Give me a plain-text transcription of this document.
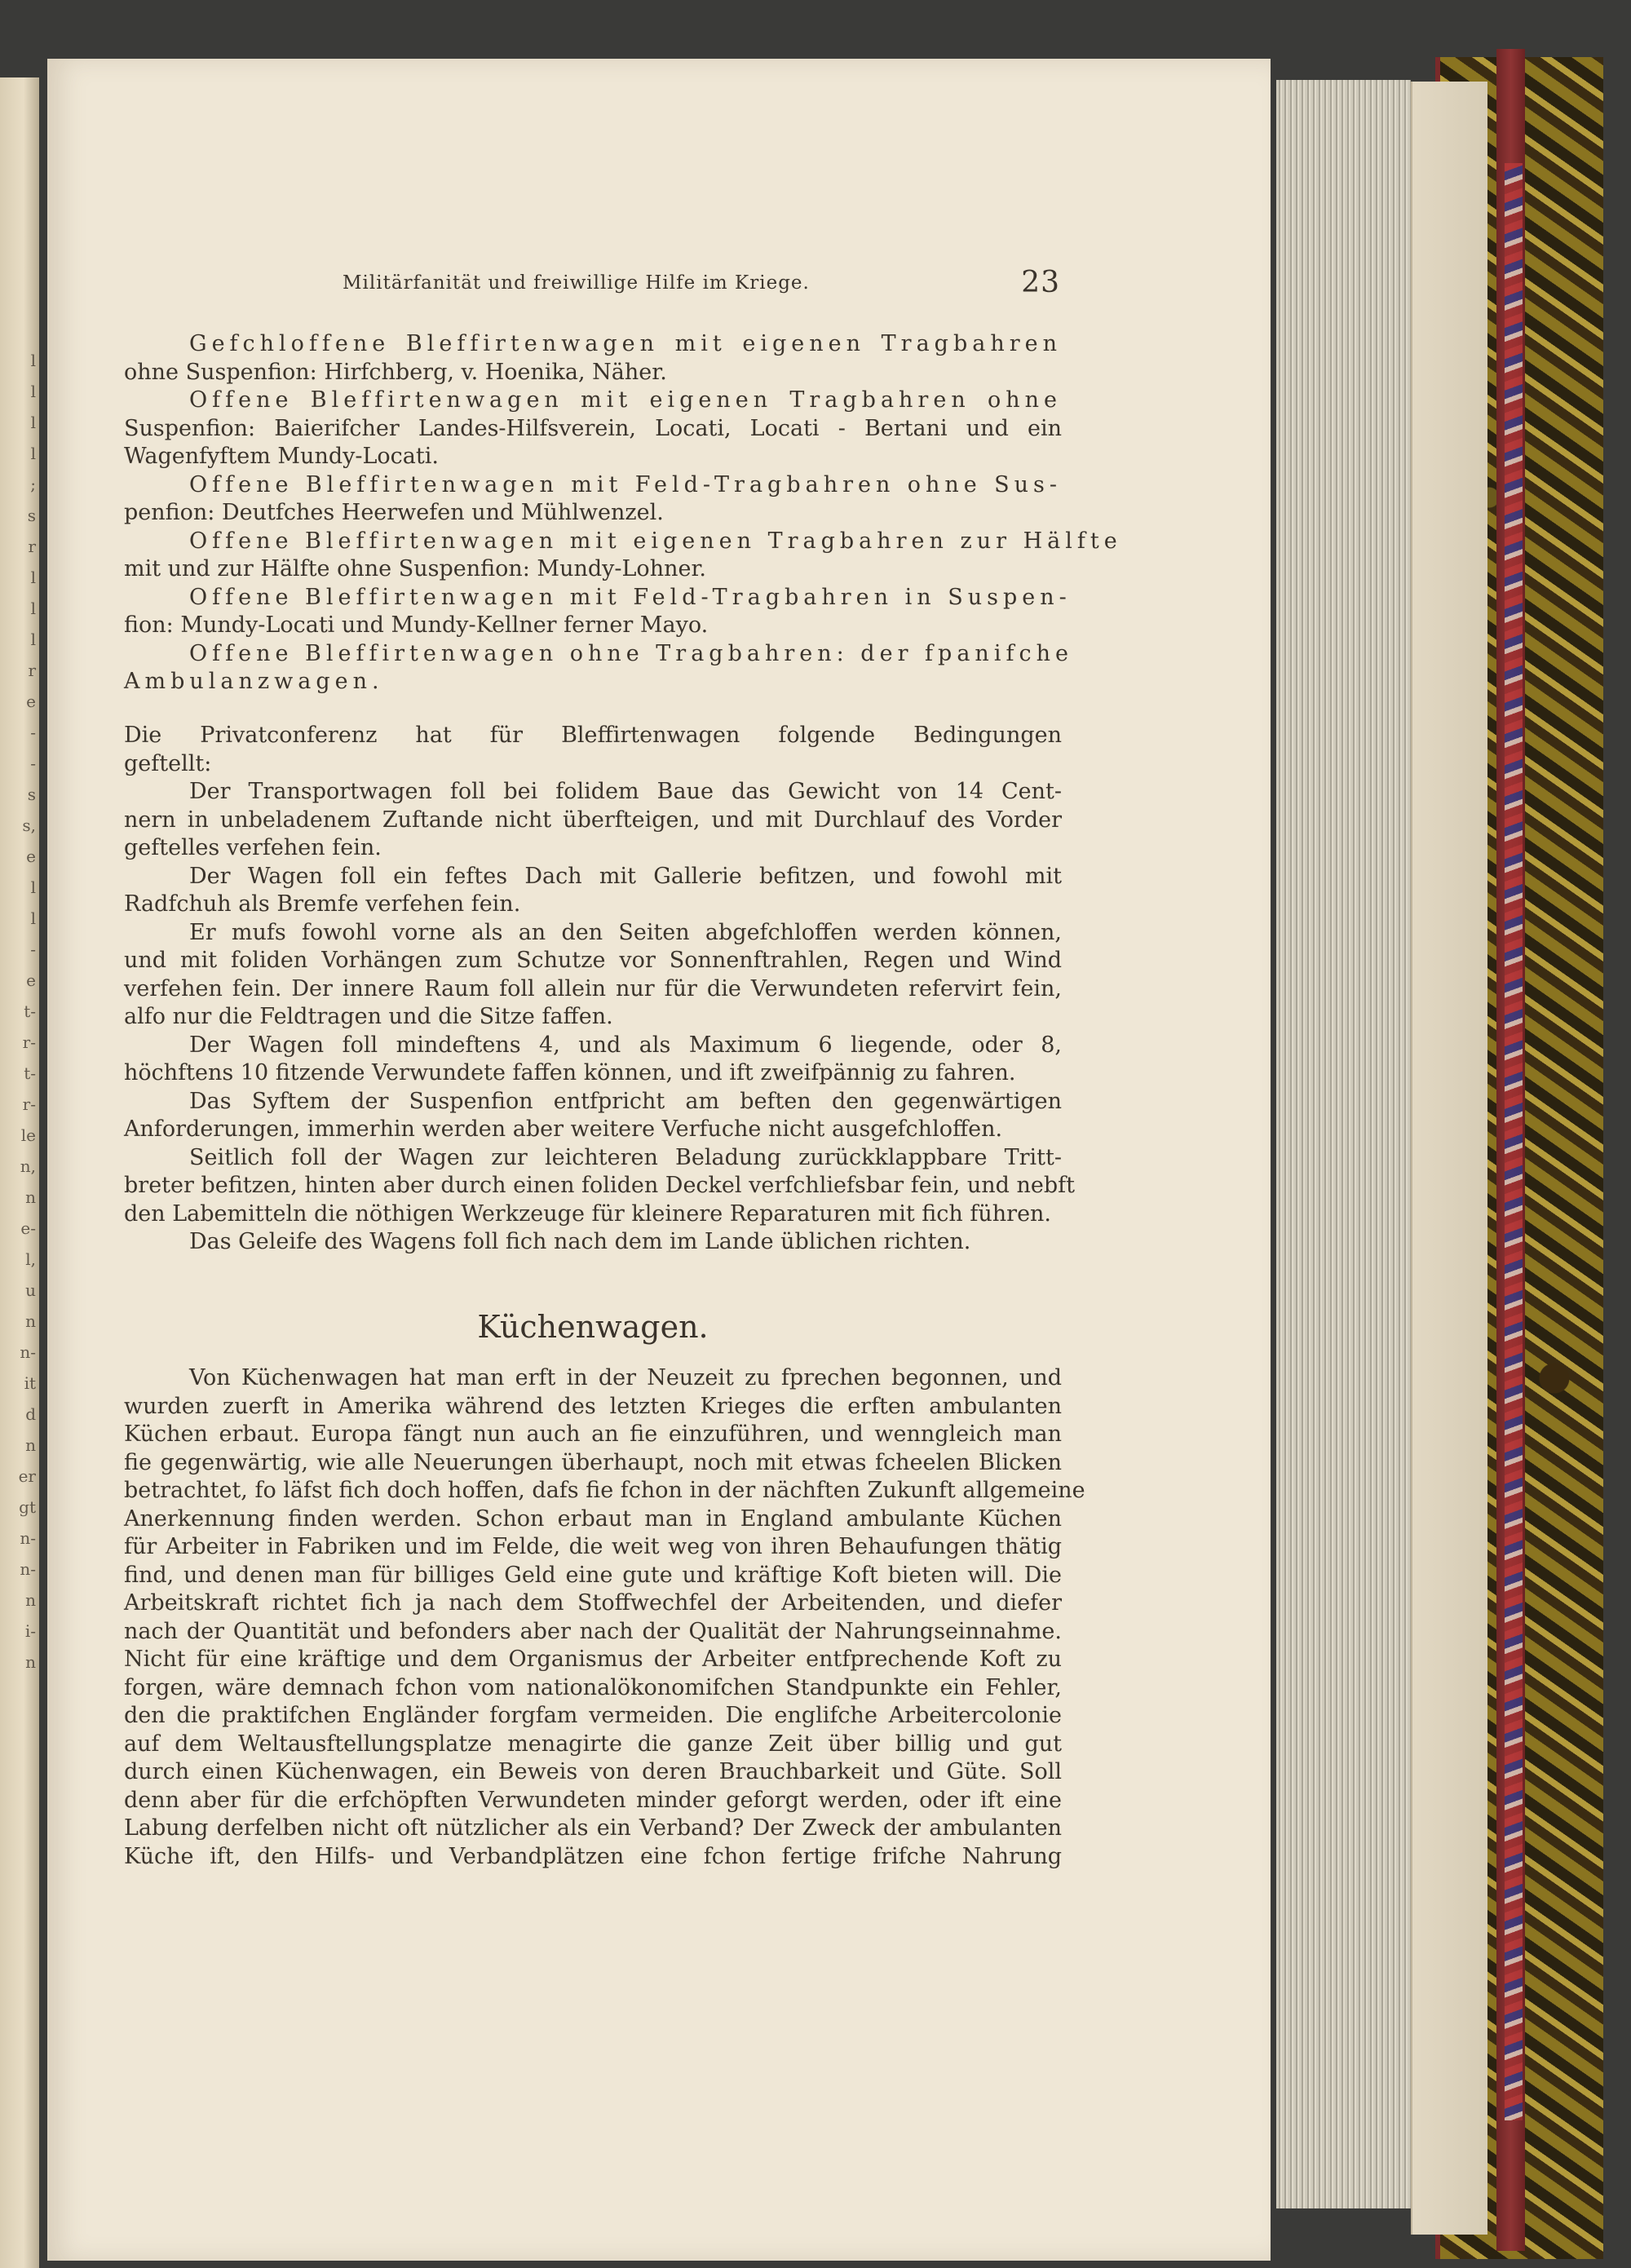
l
l
l
l
;
s
r
l
l
l
r
e
-
-
s
s,
e
l
l
-
e
t-
r-
t-
r-
le
n,
n
e-
l,
u
n
n-
it
d
n
er
gt
n-
n-
n
i-
n
Militärfanität und freiwillige Hilfe im Kriege.	23
Gefchloffene Bleffirtenwagen mit eigenen Tragbahren
ohne Suspenfion: Hirfchberg, v. Hoenika, Näher.
Offene Bleffirtenwagen mit eigenen Tragbahren ohne
Suspenfion: Baierifcher Landes-Hilfsverein, Locati, Locati - Bertani und ein
Wagenfyftem Mundy-Locati.
Offene Bleffirtenwagen mit Feld-Tragbahren ohne Sus-
penfion: Deutfches Heerwefen und Mühlwenzel.
Offene Bleffirtenwagen mit eigenen Tragbahren zur Hälfte
mit und zur Hälfte ohne Suspenfion: Mundy-Lohner.
Offene Bleffirtenwagen mit Feld-Tragbahren in Suspen-
fion: Mundy-Locati und Mundy-Kellner ferner Mayo.
Offene Bleffirtenwagen ohne Tragbahren: der fpanifche
Ambulanzwagen.
Die Privatconferenz hat für Bleffirtenwagen folgende Bedingungen
geftellt:
Der Transportwagen foll bei folidem Baue das Gewicht von 14 Cent-
nern in unbeladenem Zuftande nicht überfteigen, und mit Durchlauf des Vorder
geftelles verfehen fein.
Der Wagen foll ein feftes Dach mit Gallerie befitzen, und fowohl mit
Radfchuh als Bremfe verfehen fein.
Er mufs fowohl vorne als an den Seiten abgefchloffen werden können,
und mit foliden Vorhängen zum Schutze vor Sonnenftrahlen, Regen und Wind
verfehen fein. Der innere Raum foll allein nur für die Verwundeten refervirt fein,
alfo nur die Feldtragen und die Sitze faffen.
Der Wagen foll mindeftens 4, und als Maximum 6 liegende, oder 8,
höchftens 10 fitzende Verwundete faffen können, und ift zweifpännig zu fahren.
Das Syftem der Suspenfion entfpricht am beften den gegenwärtigen
Anforderungen, immerhin werden aber weitere Verfuche nicht ausgefchloffen.
Seitlich foll der Wagen zur leichteren Beladung zurückklappbare Tritt-
breter befitzen, hinten aber durch einen foliden Deckel verfchliefsbar fein, und nebft
den Labemitteln die nöthigen Werkzeuge für kleinere Reparaturen mit fich führen.
Das Geleife des Wagens foll fich nach dem im Lande üblichen richten.
Küchenwagen.
Von Küchenwagen hat man erft in der Neuzeit zu fprechen begonnen, und
wurden zuerft in Amerika während des letzten Krieges die erften ambulanten
Küchen erbaut. Europa fängt nun auch an fie einzuführen, und wenngleich man
fie gegenwärtig, wie alle Neuerungen überhaupt, noch mit etwas fcheelen Blicken
betrachtet, fo läfst fich doch hoffen, dafs fie fchon in der nächften Zukunft allgemeine
Anerkennung finden werden. Schon erbaut man in England ambulante Küchen
für Arbeiter in Fabriken und im Felde, die weit weg von ihren Behaufungen thätig
find, und denen man für billiges Geld eine gute und kräftige Koft bieten will. Die
Arbeitskraft richtet fich ja nach dem Stoffwechfel der Arbeitenden, und diefer
nach der Quantität und befonders aber nach der Qualität der Nahrungseinnahme.
Nicht für eine kräftige und dem Organismus der Arbeiter entfprechende Koft zu
forgen, wäre demnach fchon vom nationalökonomifchen Standpunkte ein Fehler,
den die praktifchen Engländer forgfam vermeiden. Die englifche Arbeitercolonie
auf dem Weltausftellungsplatze menagirte die ganze Zeit über billig und gut
durch einen Küchenwagen, ein Beweis von deren Brauchbarkeit und Güte. Soll
denn aber für die erfchöpften Verwundeten minder geforgt werden, oder ift eine
Labung derfelben nicht oft nützlicher als ein Verband? Der Zweck der ambulanten
Küche ift, den Hilfs- und Verbandplätzen eine fchon fertige frifche Nahrung
